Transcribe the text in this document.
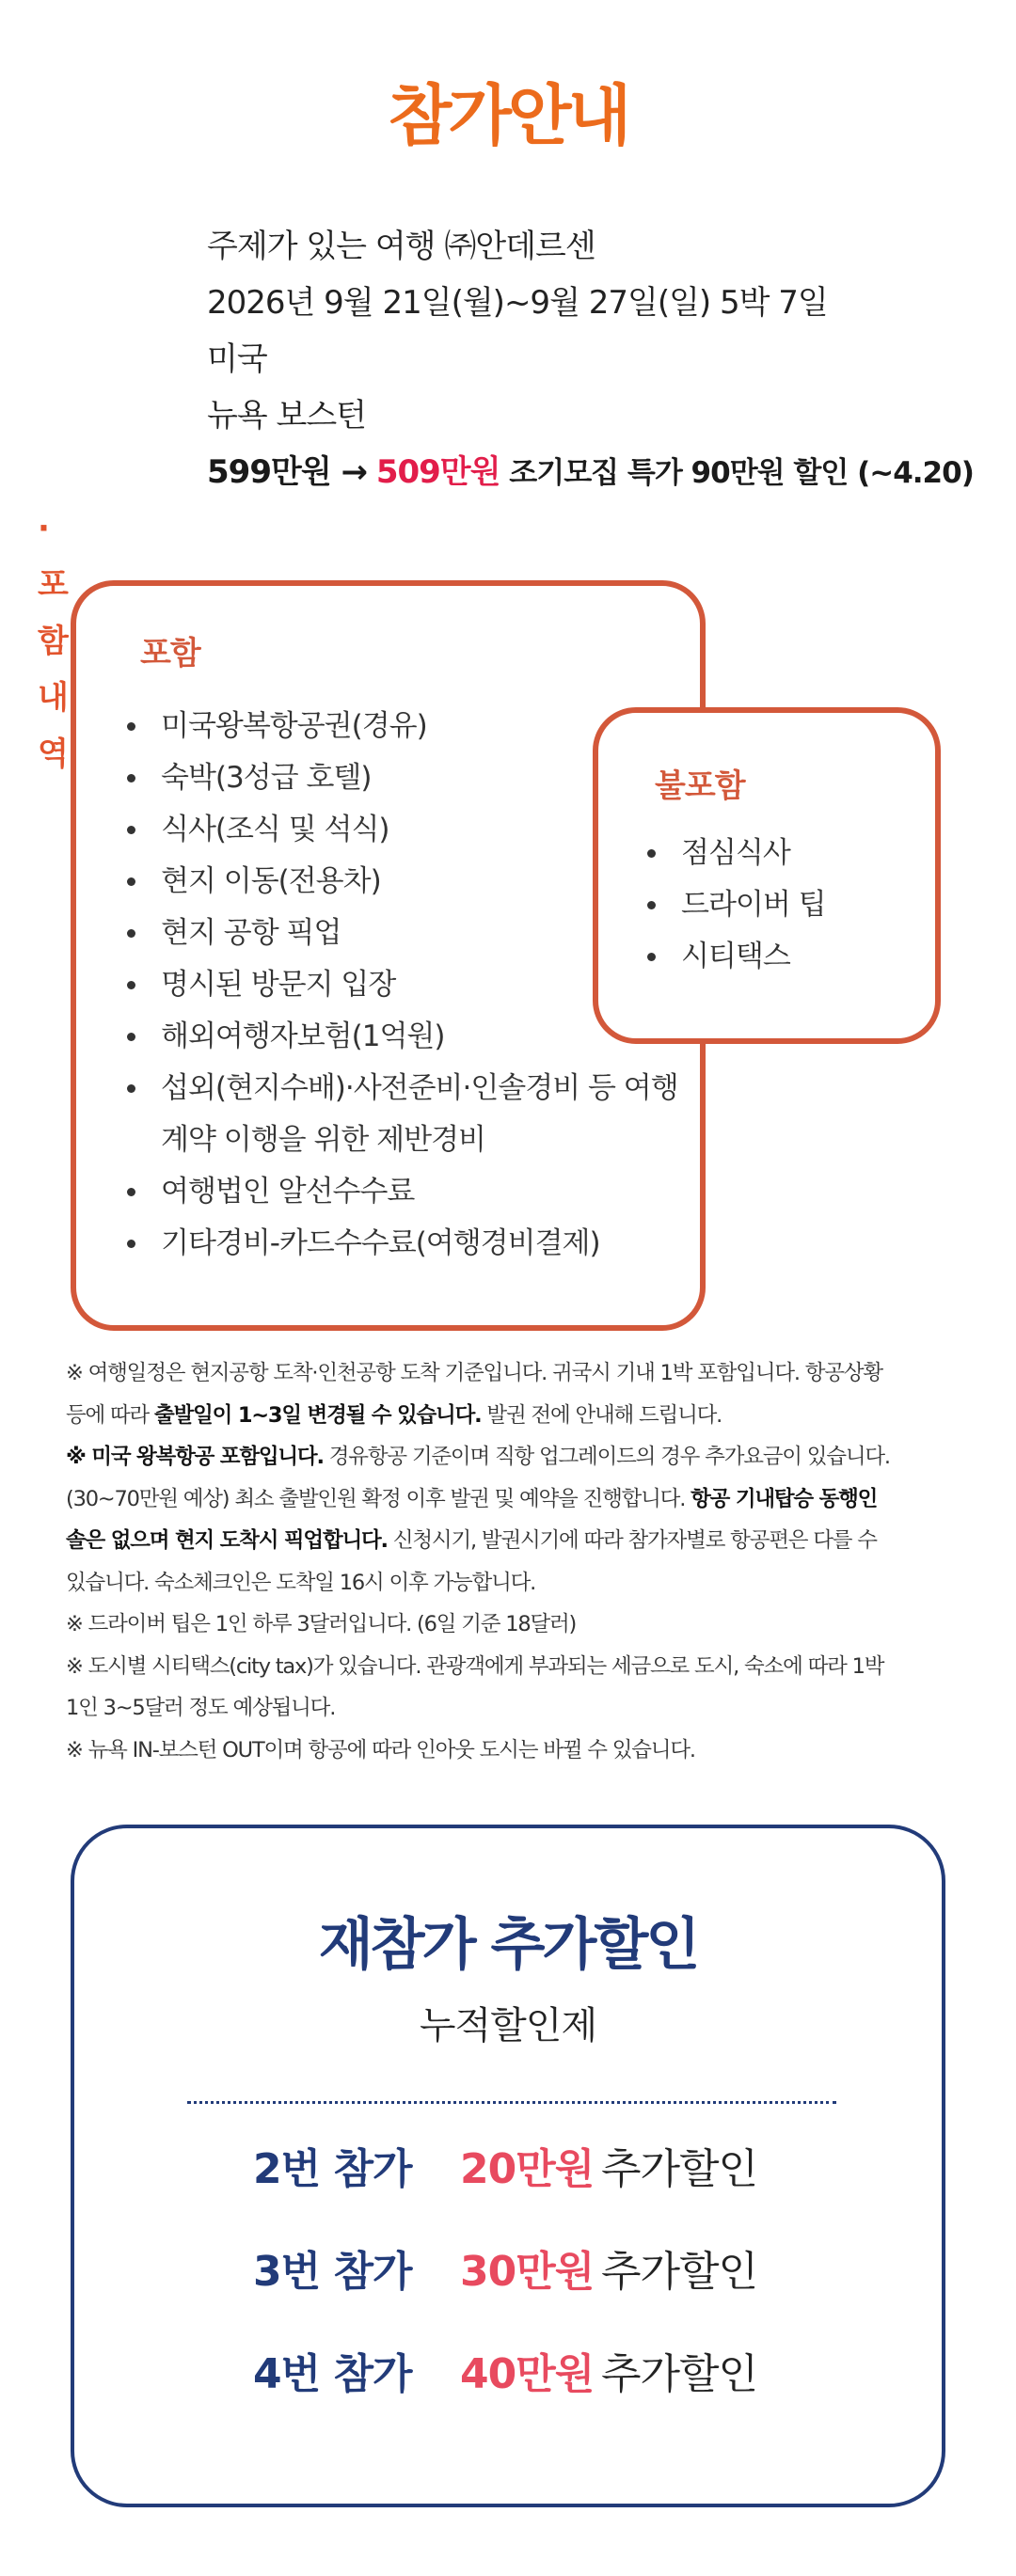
참가안내
주제가 있는 여행 ㈜안데르센
2026년 9월 21일(월)~9월 27일(일) 5박 7일
미국
뉴욕 보스턴
599만원 → 509만원 조기모집 특가 90만원 할인 (~4.20)
· 포함내역
포함
미국왕복항공권(경유)
숙박(3성급 호텔)
식사(조식 및 석식)
현지 이동(전용차)
현지 공항 픽업
명시된 방문지 입장
해외여행자보험(1억원)
섭외(현지수배)·사전준비·인솔경비 등 여행
계약 이행을 위한 제반경비
여행법인 알선수수료
기타경비-카드수수료(여행경비결제)
불포함
점심식사
드라이버 팁
시티택스

※ 여행일정은 현지공항 도착·인천공항 도착 기준입니다. 귀국시 기내 1박 포함입니다. 항공상황

등에 따라 출발일이 1~3일 변경될 수 있습니다. 발권 전에 안내해 드립니다.

※ 미국 왕복항공 포함입니다. 경유항공 기준이며 직항 업그레이드의 경우 추가요금이 있습니다.

(30~70만원 예상) 최소 출발인원 확정 이후 발권 및 예약을 진행합니다. 항공 기내탑승 동행인

솔은 없으며 현지 도착시 픽업합니다. 신청시기, 발권시기에 따라 참가자별로 항공편은 다를 수

있습니다. 숙소체크인은 도착일 16시 이후 가능합니다.

※ 드라이버 팁은 1인 하루 3달러입니다. (6일 기준 18달러)

※ 도시별 시티택스(city tax)가 있습니다. 관광객에게 부과되는 세금으로 도시, 숙소에 따라 1박

1인 3~5달러 정도 예상됩니다.

※ 뉴욕 IN-보스턴 OUT이며 항공에 따라 인아웃 도시는 바뀔 수 있습니다.

재참가 추가할인
누적할인제
2번 참가 20만원 추가할인
3번 참가 30만원 추가할인
4번 참가 40만원 추가할인
